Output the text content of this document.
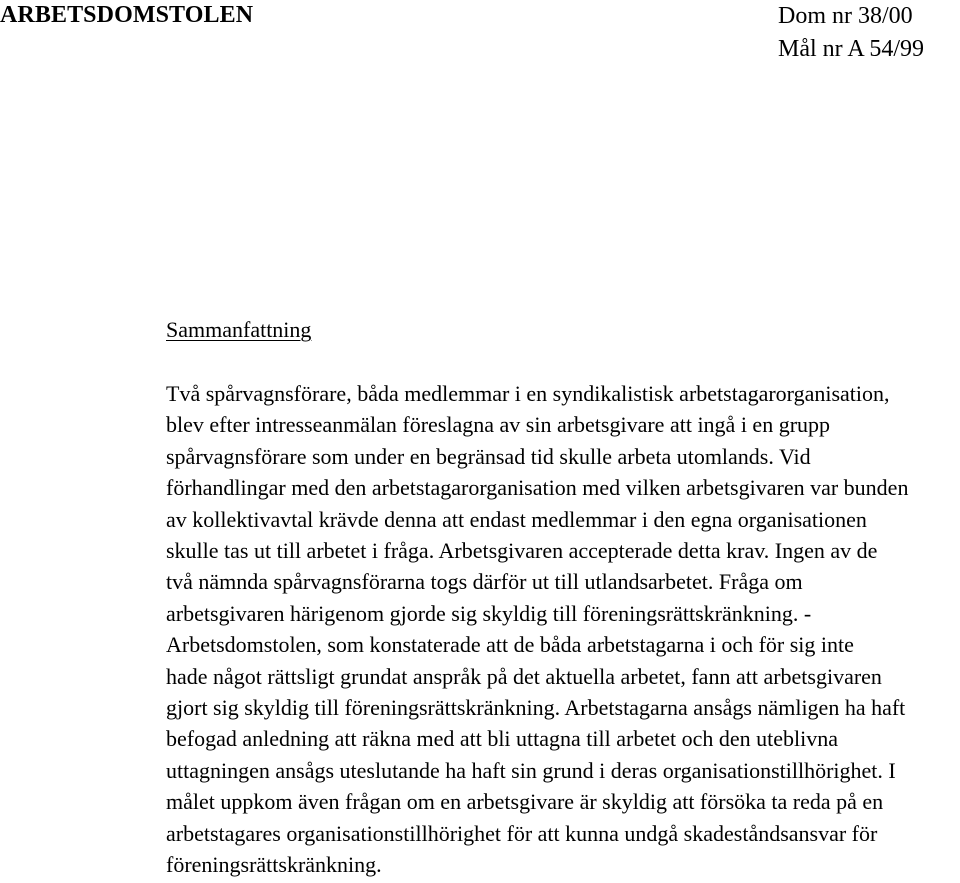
ARBETSDOMSTOLEN	Dom nr 38/00
Mål nr A 54/99
Sammanfattning
Två spårvagnsförare, båda medlemmar i en syndikalistisk arbetstagarorganisation,
blev efter intresseanmälan föreslagna av sin arbetsgivare att ingå i en grupp
spårvagnsförare som under en begränsad tid skulle arbeta utomlands. Vid
förhandlingar med den arbetstagarorganisation med vilken arbetsgivaren var bunden
av kollektivavtal krävde denna att endast medlemmar i den egna organisationen
skulle tas ut till arbetet i fråga. Arbetsgivaren accepterade detta krav. Ingen av de
två nämnda spårvagnsförarna togs därför ut till utlandsarbetet. Fråga om
arbetsgivaren härigenom gjorde sig skyldig till föreningsrättskränkning. -
Arbetsdomstolen, som konstaterade att de båda arbetstagarna i och för sig inte
hade något rättsligt grundat anspråk på det aktuella arbetet, fann att arbetsgivaren
gjort sig skyldig till föreningsrättskränkning. Arbetstagarna ansågs nämligen ha haft
befogad anledning att räkna med att bli uttagna till arbetet och den uteblivna
uttagningen ansågs uteslutande ha haft sin grund i deras organisationstillhörighet. I
målet uppkom även frågan om en arbetsgivare är skyldig att försöka ta reda på en
arbetstagares organisationstillhörighet för att kunna undgå skadeståndsansvar för
föreningsrättskränkning.
